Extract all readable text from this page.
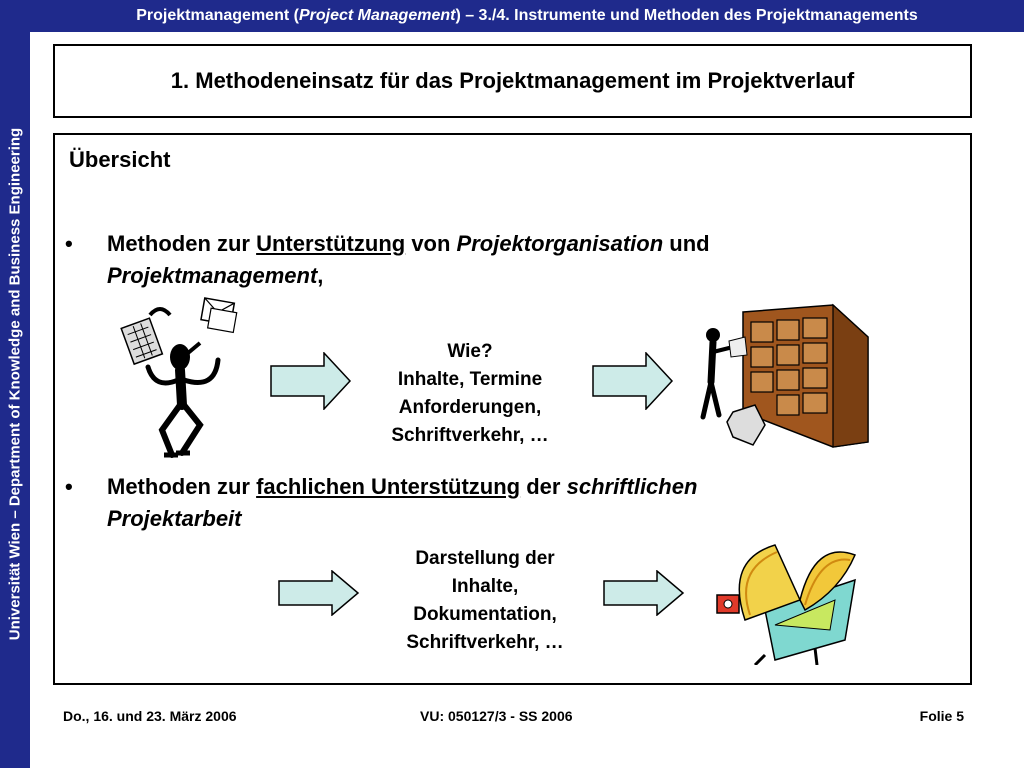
Universität Wien – Department of Knowledge and Business Engineering
Projektmanagement ( Project Management ) – 3./4. Instrumente und Methoden des Projektmanagements
1. Methodeneinsatz für das Projektmanagement im Projektverlauf
Übersicht
• Methoden zur Unterstützung von Projektorganisation und
Projektmanagement,
Wie?
Inhalte, Termine
Anforderungen,
Schriftverkehr, …
• Methoden zur fachlichen Unterstützung der schriftlichen
Projektarbeit
Darstellung der
Inhalte,
Dokumentation,
Schriftverkehr, …
Do., 16. und 23. März 2006	VU: 050127/3 - SS 2006	Folie 5
